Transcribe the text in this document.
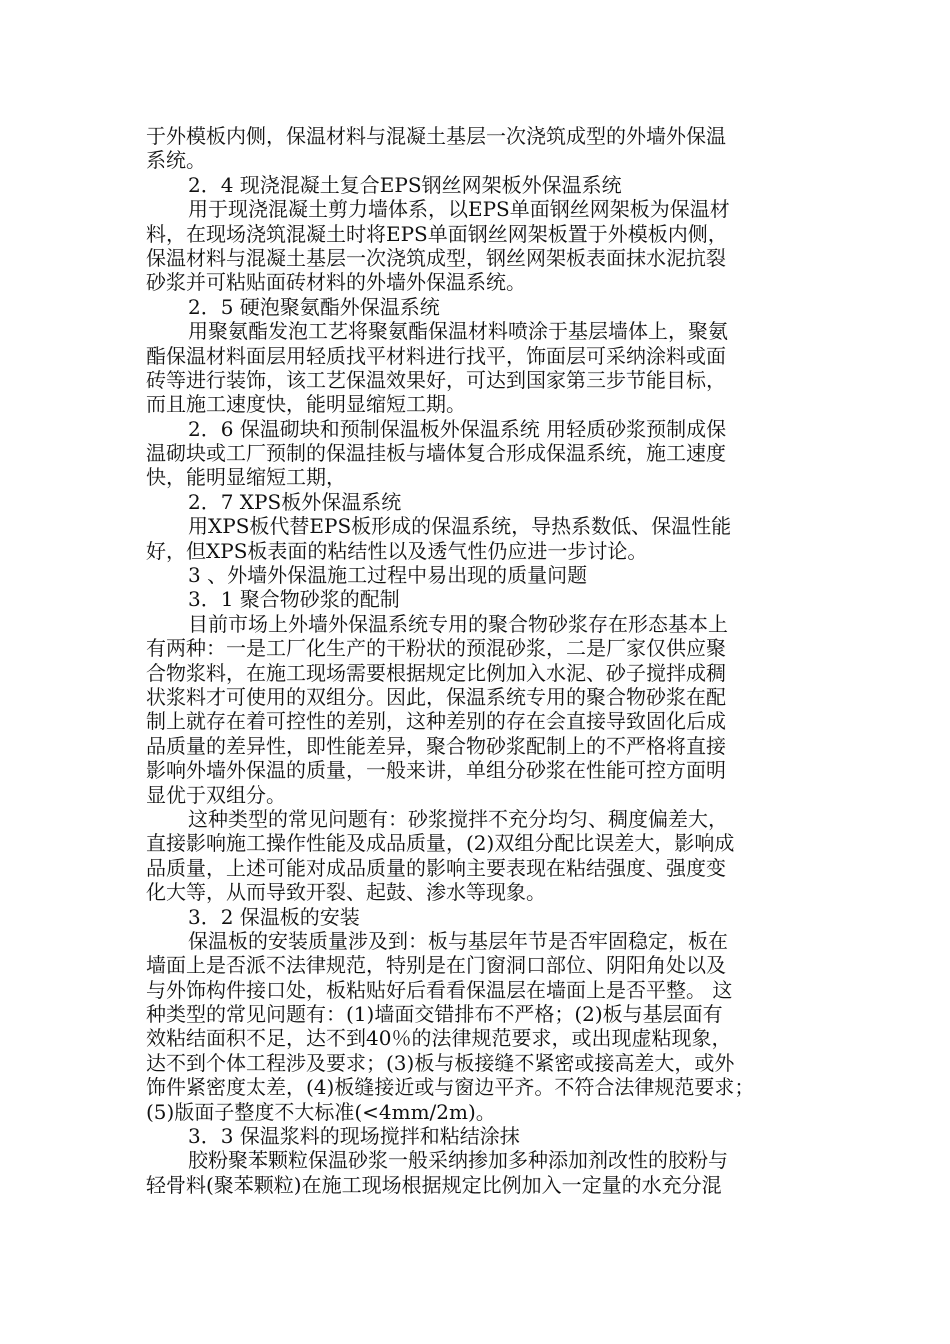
于外模板内侧，保温材料与混凝土基层一次浇筑成型的外墙外保温
系统。
2．4 现浇混凝土复合EPS钢丝网架板外保温系统
用于现浇混凝土剪力墙体系，以EPS单面钢丝网架板为保温材
料，在现场浇筑混凝土时将EPS单面钢丝网架板置于外模板内侧，
保温材料与混凝土基层一次浇筑成型，钢丝网架板表面抹水泥抗裂
砂浆并可粘贴面砖材料的外墙外保温系统。
2．5 硬泡聚氨酯外保温系统
用聚氨酯发泡工艺将聚氨酯保温材料喷涂于基层墙体上，聚氨
酯保温材料面层用轻质找平材料进行找平，饰面层可采纳涂料或面
砖等进行装饰，该工艺保温效果好，可达到国家第三步节能目标，
而且施工速度快，能明显缩短工期。
2．6 保温砌块和预制保温板外保温系统 用轻质砂浆预制成保
温砌块或工厂预制的保温挂板与墙体复合形成保温系统，施工速度
快，能明显缩短工期，
2．7 XPS板外保温系统
用XPS板代替EPS板形成的保温系统，导热系数低、保温性能
好，但XPS板表面的粘结性以及透气性仍应进一步讨论。
3 、外墙外保温施工过程中易出现的质量问题
3．1 聚合物砂浆的配制
目前市场上外墙外保温系统专用的聚合物砂浆存在形态基本上
有两种：一是工厂化生产的干粉状的预混砂浆，二是厂家仅供应聚
合物浆料，在施工现场需要根据规定比例加入水泥、砂子搅拌成稠
状浆料才可使用的双组分。因此，保温系统专用的聚合物砂浆在配
制上就存在着可控性的差别，这种差别的存在会直接导致固化后成
品质量的差异性，即性能差异，聚合物砂浆配制上的不严格将直接
影响外墙外保温的质量，一般来讲，单组分砂浆在性能可控方面明
显优于双组分。
这种类型的常见问题有：砂浆搅拌不充分均匀、稠度偏差大，
直接影响施工操作性能及成品质量，(2)双组分配比误差大，影响成
品质量，上述可能对成品质量的影响主要表现在粘结强度、强度变
化大等，从而导致开裂、起鼓、渗水等现象。
3．2 保温板的安装
保温板的安装质量涉及到：板与基层年节是否牢固稳定，板在
墙面上是否派不法律规范，特别是在门窗洞口部位、阴阳角处以及
与外饰构件接口处，板粘贴好后看看保温层在墙面上是否平整。 这
种类型的常见问题有：(1)墙面交错排布不严格；(2)板与基层面有
效粘结面积不足，达不到40％的法律规范要求，或出现虚粘现象，
达不到个体工程涉及要求；(3)板与板接缝不紧密或接高差大，或外
饰件紧密度太差，(4)板缝接近或与窗边平齐。不符合法律规范要求；
(5)版面子整度不大标准(<4mm/2m)。
3．3 保温浆料的现场搅拌和粘结涂抹
胶粉聚苯颗粒保温砂浆一般采纳掺加多种添加剂改性的胶粉与
轻骨料(聚苯颗粒)在施工现场根据规定比例加入一定量的水充分混
